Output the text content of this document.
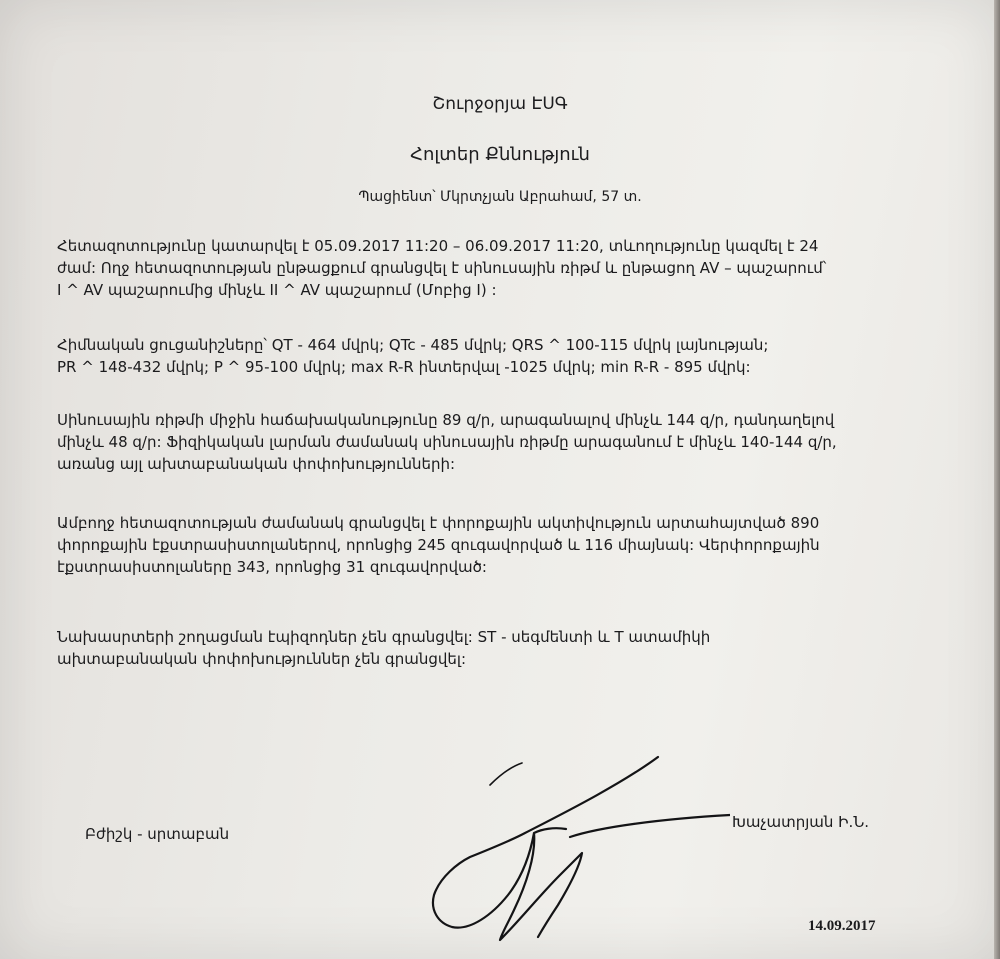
Շուրջօրյա ԷՍԳ
Հոլտեր Քննություն
Պացիենտ՝ Մկրտչյան Աբրահամ, 57 տ.
Հետազոտությունը կատարվել է 05.09.2017 11:20 – 06.09.2017 11:20, տևողությունը կազմել է 24
ժամ: Ողջ հետազոտության ընթացքում գրանցվել է սինուսային ռիթմ և ընթացող AV – պաշարում՝
I ^ AV պաշարումից մինչև II ^ AV պաշարում (Մոբից I) :
Հիմնական ցուցանիշները՝ QT - 464 մվրկ; QTc - 485 մվրկ; QRS ^ 100-115 մվրկ լայնության;
PR ^ 148-432 մվրկ; P ^ 95-100 մվրկ; max R-R ինտերվալ -1025 մվրկ; min R-R - 895 մվրկ:
Սինուսային ռիթմի միջին հաճախականությունը 89 զ/ր, արագանալով մինչև 144 զ/ր, դանդաղելով
մինչև 48 զ/ր: Ֆիզիկական լարման ժամանակ սինուսային ռիթմը արագանում է մինչև 140-144 զ/ր,
առանց այլ ախտաբանական փոփոխությունների:
Ամբողջ հետազոտության ժամանակ գրանցվել է փորոքային ակտիվություն արտահայտված 890
փորոքային էքստրասիստոլաներով, որոնցից 245 զուգավորված և 116 միայնակ: Վերփորոքային
էքստրասիստոլաները 343, որոնցից 31 զուգավորված:
Նախասրտերի շողացման էպիզոդներ չեն գրանցվել: ST - սեգմենտի և T ատամիկի
ախտաբանական փոփոխություններ չեն գրանցվել:
Բժիշկ - սրտաբան
Խաչատրյան Ի.Ն.
14.09.2017
